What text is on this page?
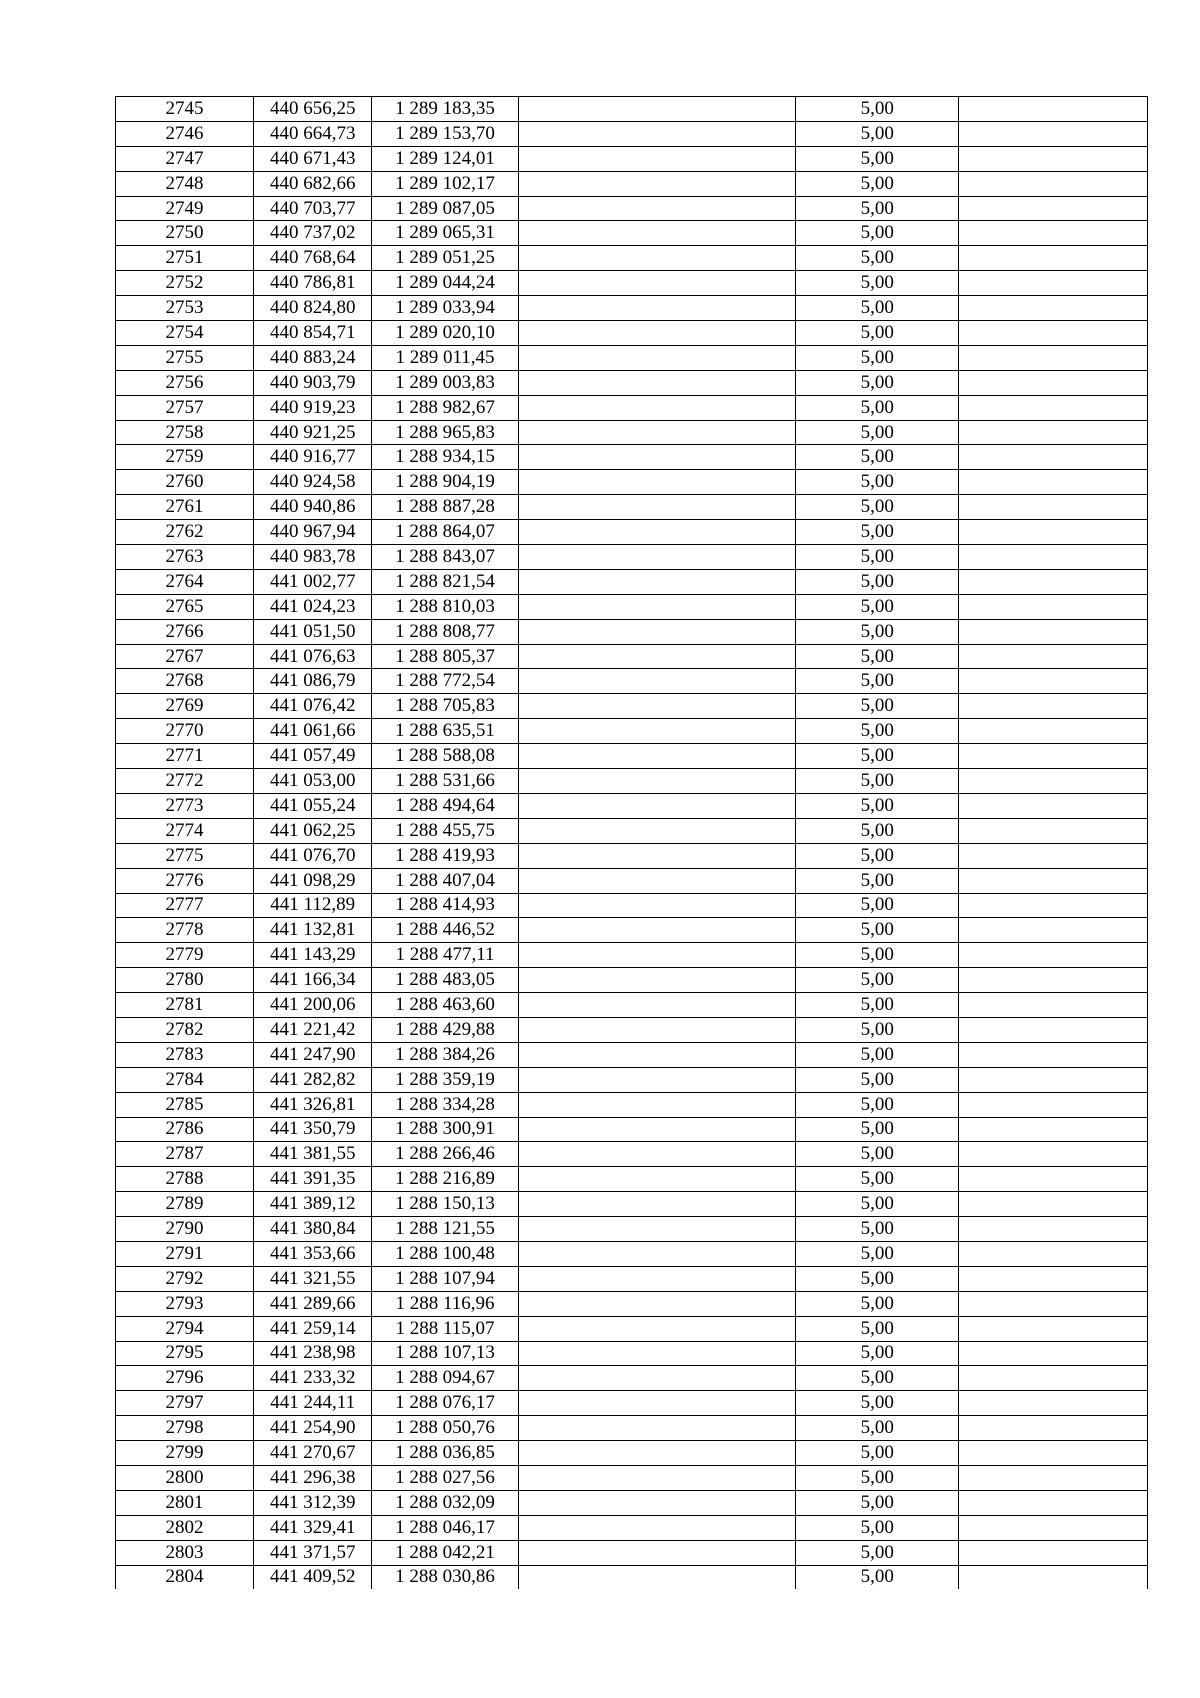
2745	440 656,25	1 289 183,35		5,00	
2746	440 664,73	1 289 153,70		5,00	
2747	440 671,43	1 289 124,01		5,00	
2748	440 682,66	1 289 102,17		5,00	
2749	440 703,77	1 289 087,05		5,00	
2750	440 737,02	1 289 065,31		5,00	
2751	440 768,64	1 289 051,25		5,00	
2752	440 786,81	1 289 044,24		5,00	
2753	440 824,80	1 289 033,94		5,00	
2754	440 854,71	1 289 020,10		5,00	
2755	440 883,24	1 289 011,45		5,00	
2756	440 903,79	1 289 003,83		5,00	
2757	440 919,23	1 288 982,67		5,00	
2758	440 921,25	1 288 965,83		5,00	
2759	440 916,77	1 288 934,15		5,00	
2760	440 924,58	1 288 904,19		5,00	
2761	440 940,86	1 288 887,28		5,00	
2762	440 967,94	1 288 864,07		5,00	
2763	440 983,78	1 288 843,07		5,00	
2764	441 002,77	1 288 821,54		5,00	
2765	441 024,23	1 288 810,03		5,00	
2766	441 051,50	1 288 808,77		5,00	
2767	441 076,63	1 288 805,37		5,00	
2768	441 086,79	1 288 772,54		5,00	
2769	441 076,42	1 288 705,83		5,00	
2770	441 061,66	1 288 635,51		5,00	
2771	441 057,49	1 288 588,08		5,00	
2772	441 053,00	1 288 531,66		5,00	
2773	441 055,24	1 288 494,64		5,00	
2774	441 062,25	1 288 455,75		5,00	
2775	441 076,70	1 288 419,93		5,00	
2776	441 098,29	1 288 407,04		5,00	
2777	441 112,89	1 288 414,93		5,00	
2778	441 132,81	1 288 446,52		5,00	
2779	441 143,29	1 288 477,11		5,00	
2780	441 166,34	1 288 483,05		5,00	
2781	441 200,06	1 288 463,60		5,00	
2782	441 221,42	1 288 429,88		5,00	
2783	441 247,90	1 288 384,26		5,00	
2784	441 282,82	1 288 359,19		5,00	
2785	441 326,81	1 288 334,28		5,00	
2786	441 350,79	1 288 300,91		5,00	
2787	441 381,55	1 288 266,46		5,00	
2788	441 391,35	1 288 216,89		5,00	
2789	441 389,12	1 288 150,13		5,00	
2790	441 380,84	1 288 121,55		5,00	
2791	441 353,66	1 288 100,48		5,00	
2792	441 321,55	1 288 107,94		5,00	
2793	441 289,66	1 288 116,96		5,00	
2794	441 259,14	1 288 115,07		5,00	
2795	441 238,98	1 288 107,13		5,00	
2796	441 233,32	1 288 094,67		5,00	
2797	441 244,11	1 288 076,17		5,00	
2798	441 254,90	1 288 050,76		5,00	
2799	441 270,67	1 288 036,85		5,00	
2800	441 296,38	1 288 027,56		5,00	
2801	441 312,39	1 288 032,09		5,00	
2802	441 329,41	1 288 046,17		5,00	
2803	441 371,57	1 288 042,21		5,00	
2804	441 409,52	1 288 030,86		5,00	
